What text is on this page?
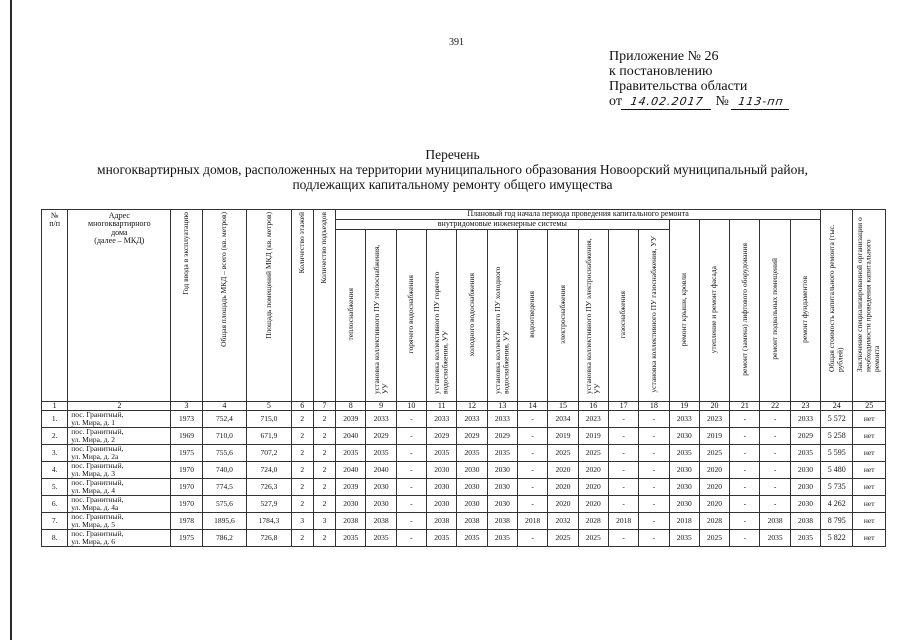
391
Приложение № 26
к постановлению
Правительства области
от 14.02.2017 № 113-пп
Перечень
многоквартирных домов, расположенных на территории муниципального образования Новоорский муниципальный район,
подлежащих капитальному ремонту общего имущества
№
п/п	Адрес
многоквартирного
дома
(далее – МКД)	Год ввода в эксплуатацию	Общая площадь МКД – всего (кв. метров)	Площадь помещений МКД (кв. метров)	Количество этажей	Количество подъездов	Плановый год начала периода проведения капитального ремонта																Общая стоимость капитального ремонта (тыс. рублей)	Заключение специализированной организации о необходимости проведения капитального ремонта
							внутридомовые инженерные системы											ремонт крыши, кровли	утепление и ремонт фасада	ремонт (замена) лифтового оборудования	ремонт подвальных помещений	ремонт фундаментов		
							теплоснабжения	установка коллективного ПУ теплоснабжения, УУ	горячего водоснабжения	установка коллективного ПУ горячего водоснабжения, УУ	холодного водоснабжения	установка коллективного ПУ холодного водоснабжения, УУ	водоотведения	электроснабжения	установка коллективного ПУ электроснабжения, УУ	газоснабжения	установка коллективного ПУ газоснабжения, УУ							
1	2	3	4	5	6	7	8	9	10	11	12	13	14	15	16	17	18	19	20	21	22	23	24	25
1.	пос. Гранитный,
ул. Мира, д. 1	1973	752,4	715,0	2	2	2039	2033	-	2033	2033	2033	-	2034	2023	-	-	2033	2023	-	-	2033	5 572	нет
2.	пос. Гранитный,
ул. Мира, д. 2	1969	710,0	671,9	2	2	2040	2029	-	2029	2029	2029	-	2019	2019	-	-	2030	2019	-	-	2029	5 258	нет
3.	пос. Гранитный,
ул. Мира, д. 2а	1975	755,6	707,2	2	2	2035	2035	-	2035	2035	2035	-	2025	2025	-	-	2035	2025	-	-	2035	5 595	нет
4.	пос. Гранитный,
ул. Мира, д. 3	1970	740,0	724,0	2	2	2040	2040	-	2030	2030	2030	-	2020	2020	-	-	2030	2020	-	-	2030	5 480	нет
5.	пос. Гранитный,
ул. Мира, д. 4	1970	774,5	726,3	2	2	2039	2030	-	2030	2030	2030	-	2020	2020	-	-	2030	2020	-	-	2030	5 735	нет
6.	пос. Гранитный,
ул. Мира, д. 4а	1970	575,6	527,9	2	2	2030	2030	-	2030	2030	2030	-	2020	2020	-	-	2030	2020	-	-	2030	4 262	нет
7.	пос. Гранитный,
ул. Мира, д. 5	1978	1895,6	1784,3	3	3	2038	2038	-	2038	2038	2038	2018	2032	2028	2018	-	2018	2028	-	2038	2038	8 795	нет
8.	пос. Гранитный,
ул. Мира, д. 6	1975	786,2	726,8	2	2	2035	2035	-	2035	2035	2035	-	2025	2025	-	-	2035	2025	-	2035	2035	5 822	нет
